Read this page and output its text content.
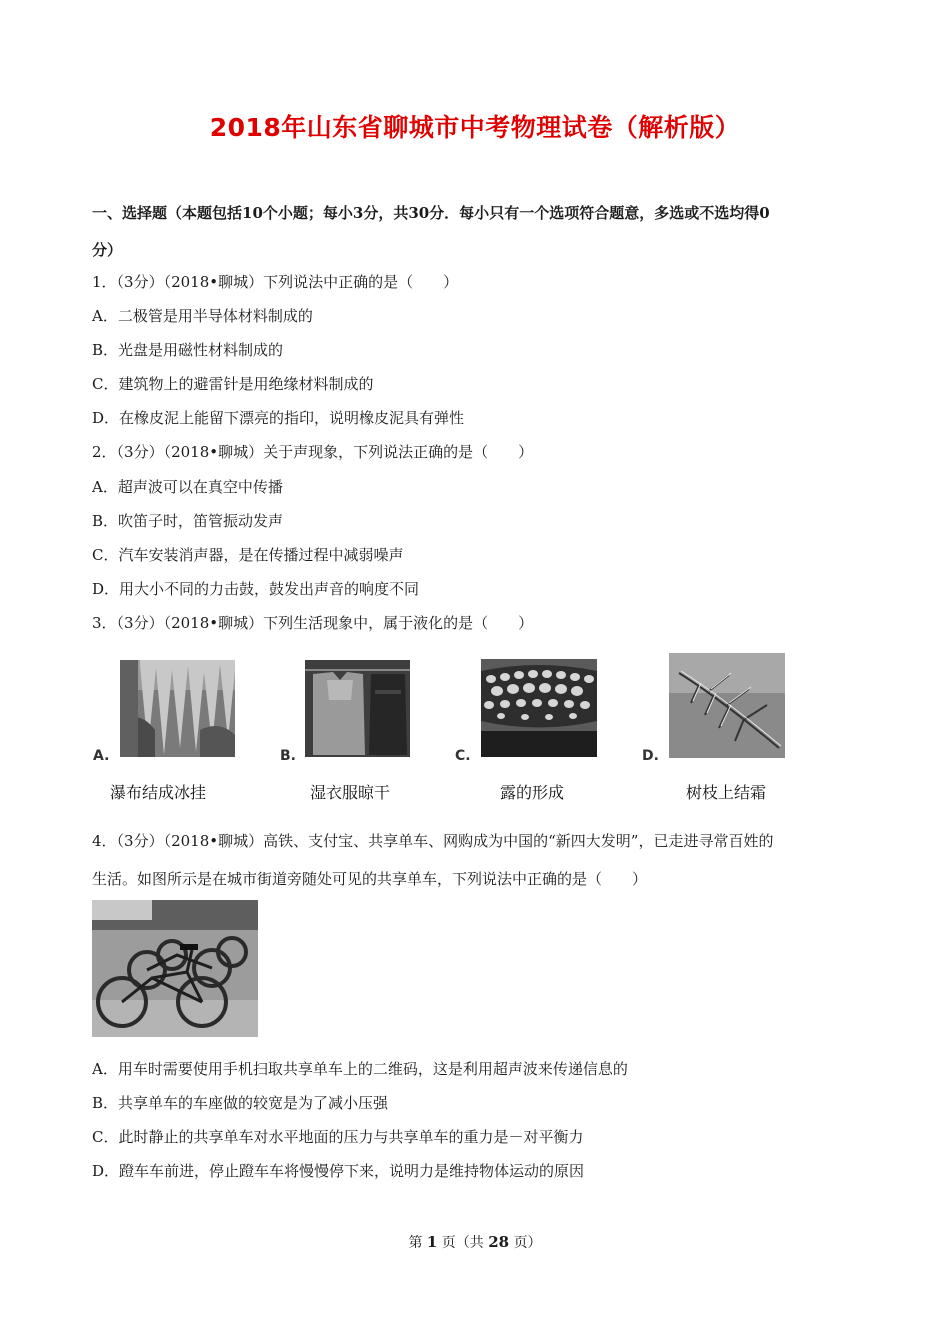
2018年山东省聊城市中考物理试卷（解析版）
一、选择题（本题包括10个小题；每小3分，共30分．每小只有一个选项符合题意，多选或不选均得0
分）
1．（3分）（2018•聊城）下列说法中正确的是（　　）
A．二极管是用半导体材料制成的
B．光盘是用磁性材料制成的
C．建筑物上的避雷针是用绝缘材料制成的
D．在橡皮泥上能留下漂亮的指印，说明橡皮泥具有弹性
2．（3分）（2018•聊城）关于声现象，下列说法正确的是（　　）
A．超声波可以在真空中传播
B．吹笛子时，笛管振动发声
C．汽车安装消声器，是在传播过程中减弱噪声
D．用大小不同的力击鼓，鼓发出声音的响度不同
3．（3分）（2018•聊城）下列生活现象中，属于液化的是（　　）
A.
瀑布结成冰挂
B.
湿衣服晾干
C.
露的形成
D.
树枝上结霜
4．（3分）（2018•聊城）高铁、支付宝、共享单车、网购成为中国的“新四大发明”，已走进寻常百姓的
生活。如图所示是在城市街道旁随处可见的共享单车，下列说法中正确的是（　　）
A．用车时需要使用手机扫取共享单车上的二维码，这是利用超声波来传递信息的
B．共享单车的车座做的较宽是为了减小压强
C．此时静止的共享单车对水平地面的压力与共享单车的重力是－对平衡力
D．蹬车车前进，停止蹬车车将慢慢停下来，说明力是维持物体运动的原因
第 1 页（共 28 页）
